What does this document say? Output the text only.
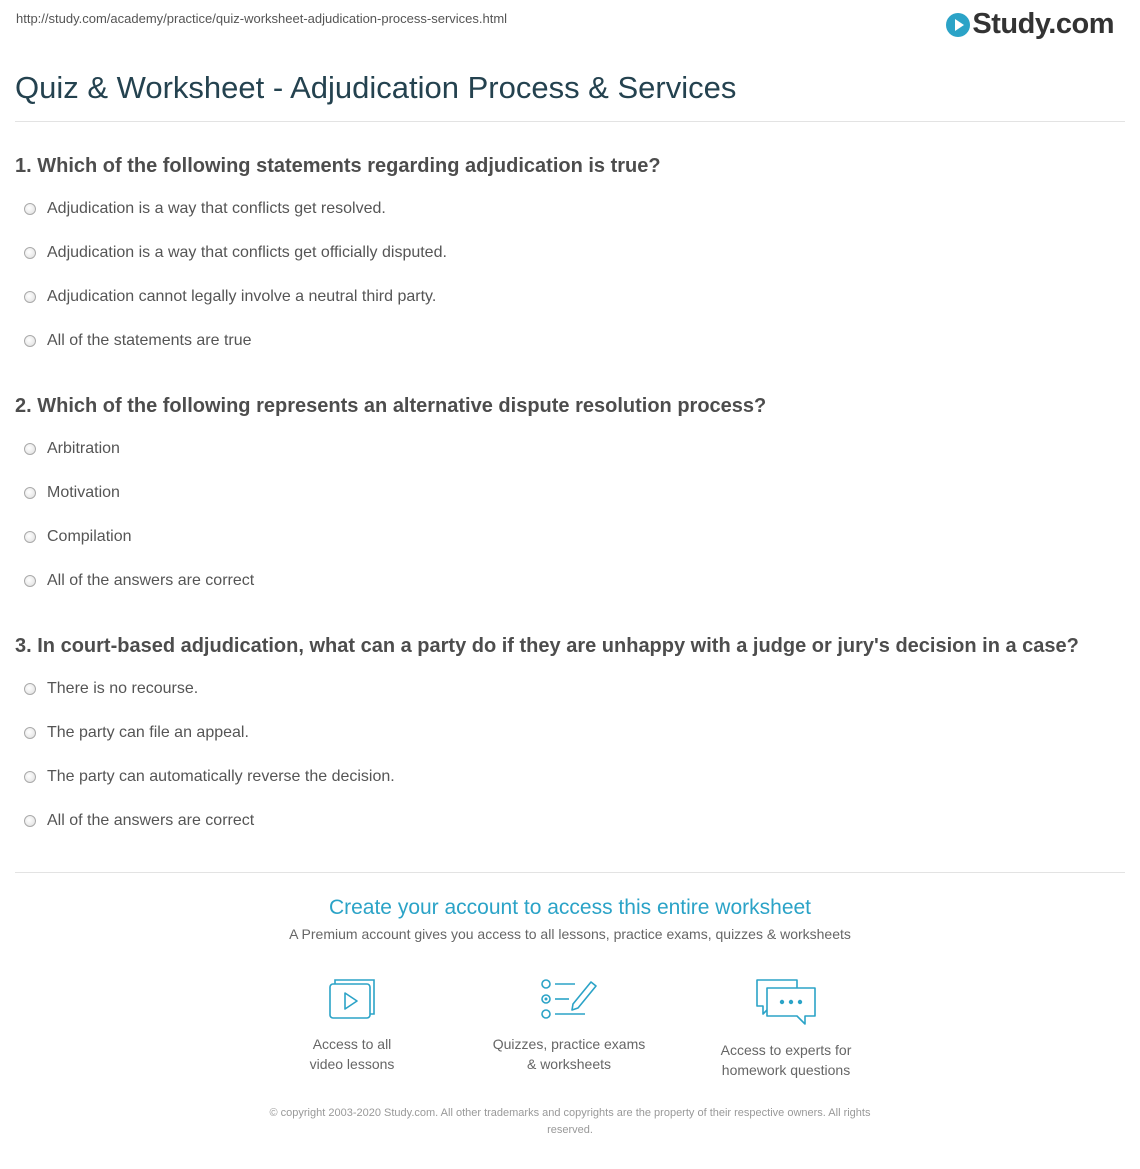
http://study.com/academy/practice/quiz-worksheet-adjudication-process-services.html	Study.com
Quiz & Worksheet - Adjudication Process & Services
1. Which of the following statements regarding adjudication is true?
Adjudication is a way that conflicts get resolved.
Adjudication is a way that conflicts get officially disputed.
Adjudication cannot legally involve a neutral third party.
All of the statements are true
2. Which of the following represents an alternative dispute resolution process?
Arbitration
Motivation
Compilation
All of the answers are correct
3. In court-based adjudication, what can a party do if they are unhappy with a judge or jury's decision in a case?
There is no recourse.
The party can file an appeal.
The party can automatically reverse the decision.
All of the answers are correct
Create your account to access this entire worksheet
A Premium account gives you access to all lessons, practice exams, quizzes & worksheets
Access to all
video lessons
Quizzes, practice exams
& worksheets
Access to experts for
homework questions
© copyright 2003-2020 Study.com. All other trademarks and copyrights are the property of their respective owners. All rights
reserved.
